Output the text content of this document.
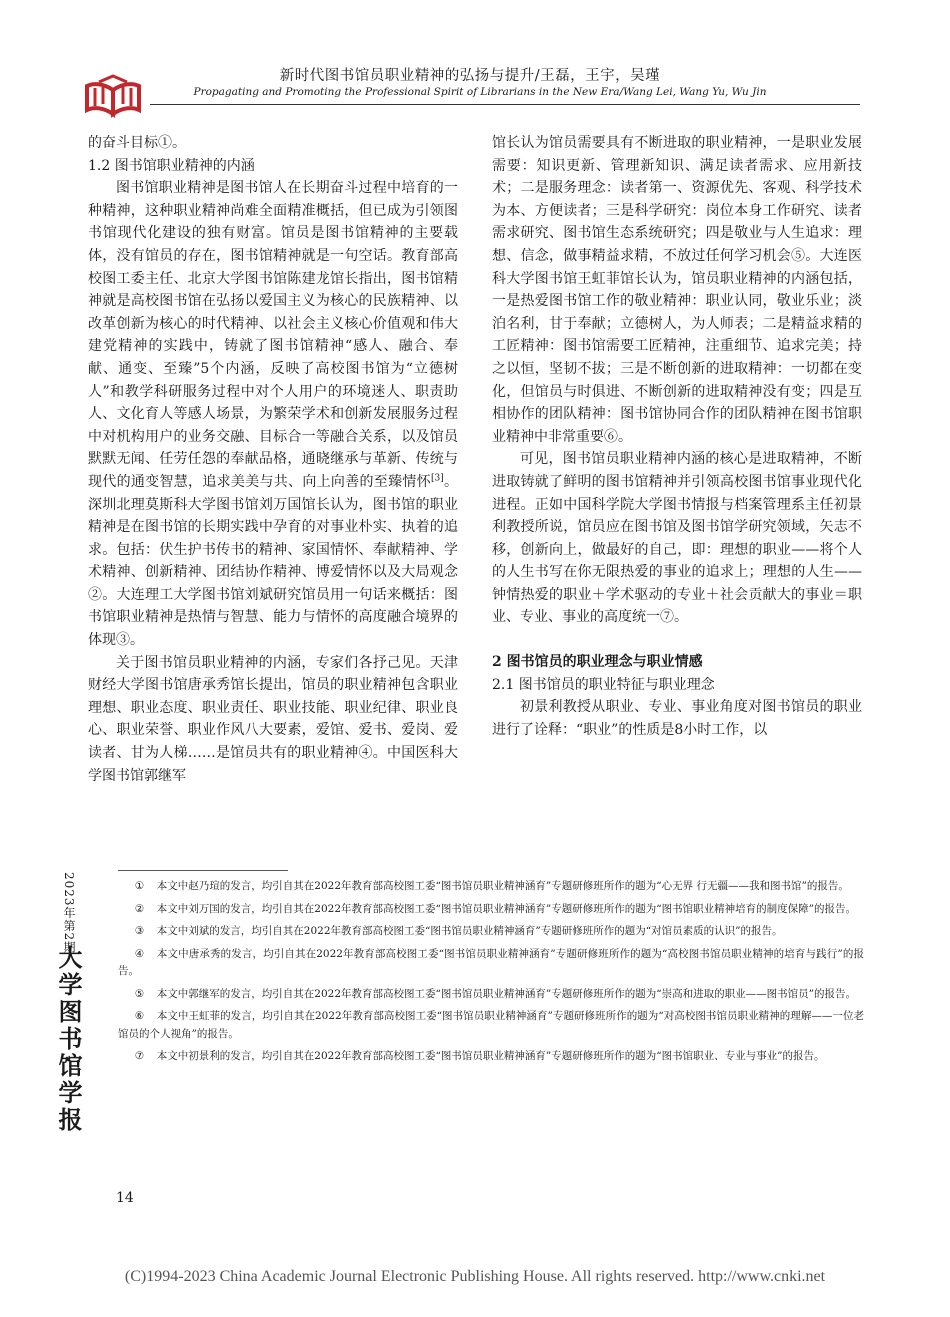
新时代图书馆员职业精神的弘扬与提升/王磊，王宇，吴瑾
Propagating and Promoting the Professional Spirit of Librarians in the New Era/Wang Lei, Wang Yu, Wu Jin

的奋斗目标①。

1.2 图书馆职业精神的内涵

图书馆职业精神是图书馆人在长期奋斗过程中培育的一种精神，这种职业精神尚难全面精准概括，但已成为引领图书馆现代化建设的独有财富。馆员是图书馆精神的主要载体，没有馆员的存在，图书馆精神就是一句空话。教育部高校图工委主任、北京大学图书馆陈建龙馆长指出，图书馆精神就是高校图书馆在弘扬以爱国主义为核心的民族精神、以改革创新为核心的时代精神、以社会主义核心价值观和伟大建党精神的实践中，铸就了图书馆精神“感人、融合、奉献、通变、至臻”5个内涵，反映了高校图书馆为“立德树人”和教学科研服务过程中对个人用户的环境迷人、职责助人、文化育人等感人场景，为繁荣学术和创新发展服务过程中对机构用户的业务交融、目标合一等融合关系，以及馆员默默无闻、任劳任怨的奉献品格，通晓继承与革新、传统与现代的通变智慧，追求美美与共、向上向善的至臻情怀[3]。深圳北理莫斯科大学图书馆刘万国馆长认为，图书馆的职业精神是在图书馆的长期实践中孕育的对事业朴实、执着的追求。包括：伏生护书传书的精神、家国情怀、奉献精神、学术精神、创新精神、团结协作精神、博爱情怀以及大局观念②。大连理工大学图书馆刘斌研究馆员用一句话来概括：图书馆职业精神是热情与智慧、能力与情怀的高度融合境界的体现③。

关于图书馆员职业精神的内涵，专家们各抒己见。天津财经大学图书馆唐承秀馆长提出，馆员的职业精神包含职业理想、职业态度、职业责任、职业技能、职业纪律、职业良心、职业荣誉、职业作风八大要素，爱馆、爱书、爱岗、爱读者、甘为人梯……是馆员共有的职业精神④。中国医科大学图书馆郭继军

馆长认为馆员需要具有不断进取的职业精神，一是职业发展需要：知识更新、管理新知识、满足读者需求、应用新技术；二是服务理念：读者第一、资源优先、客观、科学技术为本、方便读者；三是科学研究：岗位本身工作研究、读者需求研究、图书馆生态系统研究；四是敬业与人生追求：理想、信念，做事精益求精，不放过任何学习机会⑤。大连医科大学图书馆王虹菲馆长认为，馆员职业精神的内涵包括，一是热爱图书馆工作的敬业精神：职业认同，敬业乐业；淡泊名利，甘于奉献；立德树人，为人师表；二是精益求精的工匠精神：图书馆需要工匠精神，注重细节、追求完美；持之以恒，坚韧不拔；三是不断创新的进取精神：一切都在变化，但馆员与时俱进、不断创新的进取精神没有变；四是互相协作的团队精神：图书馆协同合作的团队精神在图书馆职业精神中非常重要⑥。

可见，图书馆员职业精神内涵的核心是进取精神，不断进取铸就了鲜明的图书馆精神并引领高校图书馆事业现代化进程。正如中国科学院大学图书情报与档案管理系主任初景利教授所说，馆员应在图书馆及图书馆学研究领域，矢志不移，创新向上，做最好的自己，即：理想的职业——将个人的人生书写在你无限热爱的事业的追求上；理想的人生——钟情热爱的职业＋学术驱动的专业＋社会贡献大的事业＝职业、专业、事业的高度统一⑦。

2 图书馆员的职业理念与职业情感
2.1 图书馆员的职业特征与职业理念

初景利教授从职业、专业、事业角度对图书馆员的职业进行了诠释：“职业”的性质是8小时工作，以

① 本文中赵乃瑄的发言，均引自其在2022年教育部高校图工委“图书馆员职业精神涵育”专题研修班所作的题为“心无界 行无疆——我和图书馆”的报告。

② 本文中刘万国的发言，均引自其在2022年教育部高校图工委“图书馆员职业精神涵育”专题研修班所作的题为“图书馆职业精神培育的制度保障”的报告。

③ 本文中刘斌的发言，均引自其在2022年教育部高校图工委“图书馆员职业精神涵育”专题研修班所作的题为“对馆员素质的认识”的报告。

④ 本文中唐承秀的发言，均引自其在2022年教育部高校图工委“图书馆员职业精神涵育”专题研修班所作的题为“高校图书馆员职业精神的培育与践行”的报告。

⑤ 本文中郭继军的发言，均引自其在2022年教育部高校图工委“图书馆员职业精神涵育”专题研修班所作的题为“崇高和进取的职业——图书馆员”的报告。

⑥ 本文中王虹菲的发言，均引自其在2022年教育部高校图工委“图书馆员职业精神涵育”专题研修班所作的题为“对高校图书馆员职业精神的理解——一位老馆员的个人视角”的报告。

⑦ 本文中初景利的发言，均引自其在2022年教育部高校图工委“图书馆员职业精神涵育”专题研修班所作的题为“图书馆职业、专业与事业”的报告。

2023年第2期
大学图书馆学报
14
(C)1994-2023 China Academic Journal Electronic Publishing House. All rights reserved. http://www.cnki.net
